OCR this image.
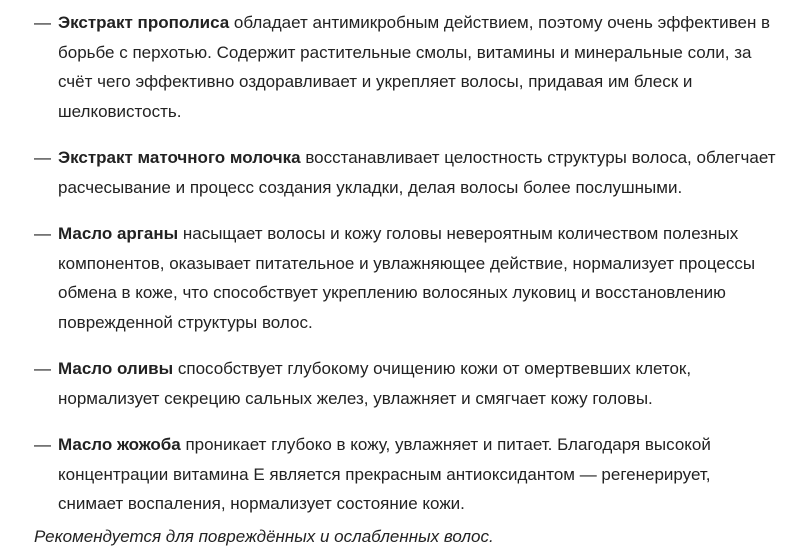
— Экстракт прополиса обладает антимикробным действием, поэтому очень эффективен в борьбе с перхотью. Содержит растительные смолы, витамины и минеральные соли, за счёт чего эффективно оздоравливает и укрепляет волосы, придавая им блеск и шелковистость.
— Экстракт маточного молочка восстанавливает целостность структуры волоса, облегчает расчесывание и процесс создания укладки, делая волосы более послушными.
— Масло арганы насыщает волосы и кожу головы невероятным количеством полезных компонентов, оказывает питательное и увлажняющее действие, нормализует процессы обмена в коже, что способствует укреплению волосяных луковиц и восстановлению поврежденной структуры волос.
— Масло оливы способствует глубокому очищению кожи от омертвевших клеток, нормализует секрецию сальных желез, увлажняет и смягчает кожу головы.
— Масло жожоба проникает глубоко в кожу, увлажняет и питает. Благодаря высокой концентрации витамина Е является прекрасным антиоксидантом — регенерирует, снимает воспаления, нормализует состояние кожи.

Рекомендуется для повреждённых и ослабленных волос.
